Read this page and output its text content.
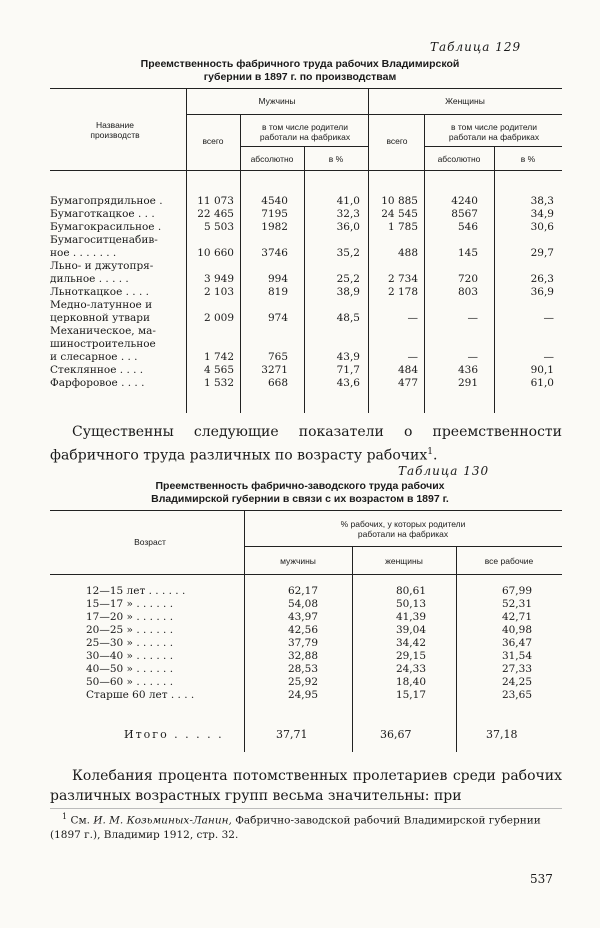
Таблица 129
Преемственность фабричного труда рабочих Владимирской
губернии в 1897 г. по производствам
Название
производств
Мужчины	Женщины
всего	всего
в том числе родители
работали на фабриках
в том числе родители
работали на фабриках
абсолютно	в %	абсолютно	в %
Бумагопрядильное .	11 073	4540	41,0	10 885	4240	38,3
Бумаготкацкое . . .	22 465	7195	32,3	24 545	8567	34,9
Бумагокрасильное .	5 503	1982	36,0	1 785	546	30,6
Бумагоситценабив-						
ное . . . . . . .	10 660	3746	35,2	488	145	29,7
Льно- и джутопря-						
дильное . . . . .	3 949	994	25,2	2 734	720	26,3
Льноткацкое . . . .	2 103	819	38,9	2 178	803	36,9
Медно-латунное и						
церковной утвари	2 009	974	48,5	—	—	—
Механическое, ма-						
шиностроительное						
и слесарное . . .	1 742	765	43,9	—	—	—
Стеклянное . . . .	4 565	3271	71,7	484	436	90,1
Фарфоровое . . . .	1 532	668	43,6	477	291	61,0
Существенны следующие показатели о преемственности фабричного труда различных по возрасту рабочих$^1$.
Таблица 130
Преемственность фабрично-заводского труда рабочих
Владимирской губернии в связи с их возрастом в 1897 г.
Возраст
% рабочих, у которых родители
работали на фабриках
мужчины	женщины	все рабочие
12—15 лет . . . . . .	62,17	80,61	67,99	
15—17 » . . . . . .	54,08	50,13	52,31	
17—20 » . . . . . .	43,97	41,39	42,71	
20—25 » . . . . . .	42,56	39,04	40,98	
25—30 » . . . . . .	37,79	34,42	36,47	
30—40 » . . . . . .	32,88	29,15	31,54	
40—50 » . . . . . .	28,53	24,33	27,33	
50—60 » . . . . . .	25,92	18,40	24,25	
Старше 60 лет . . . .	24,95	15,17	23,65	
Итого . . . . .	37,71	36,67	37,18
Колебания процента потомственных пролетариев среди рабочих различных возрастных групп весьма значительны: при
$^1$ См. И. М. Козьминых-Ланин, Фабрично-заводской рабочий Владимирской губернии (1897 г.), Владимир 1912, стр. 32.
537
